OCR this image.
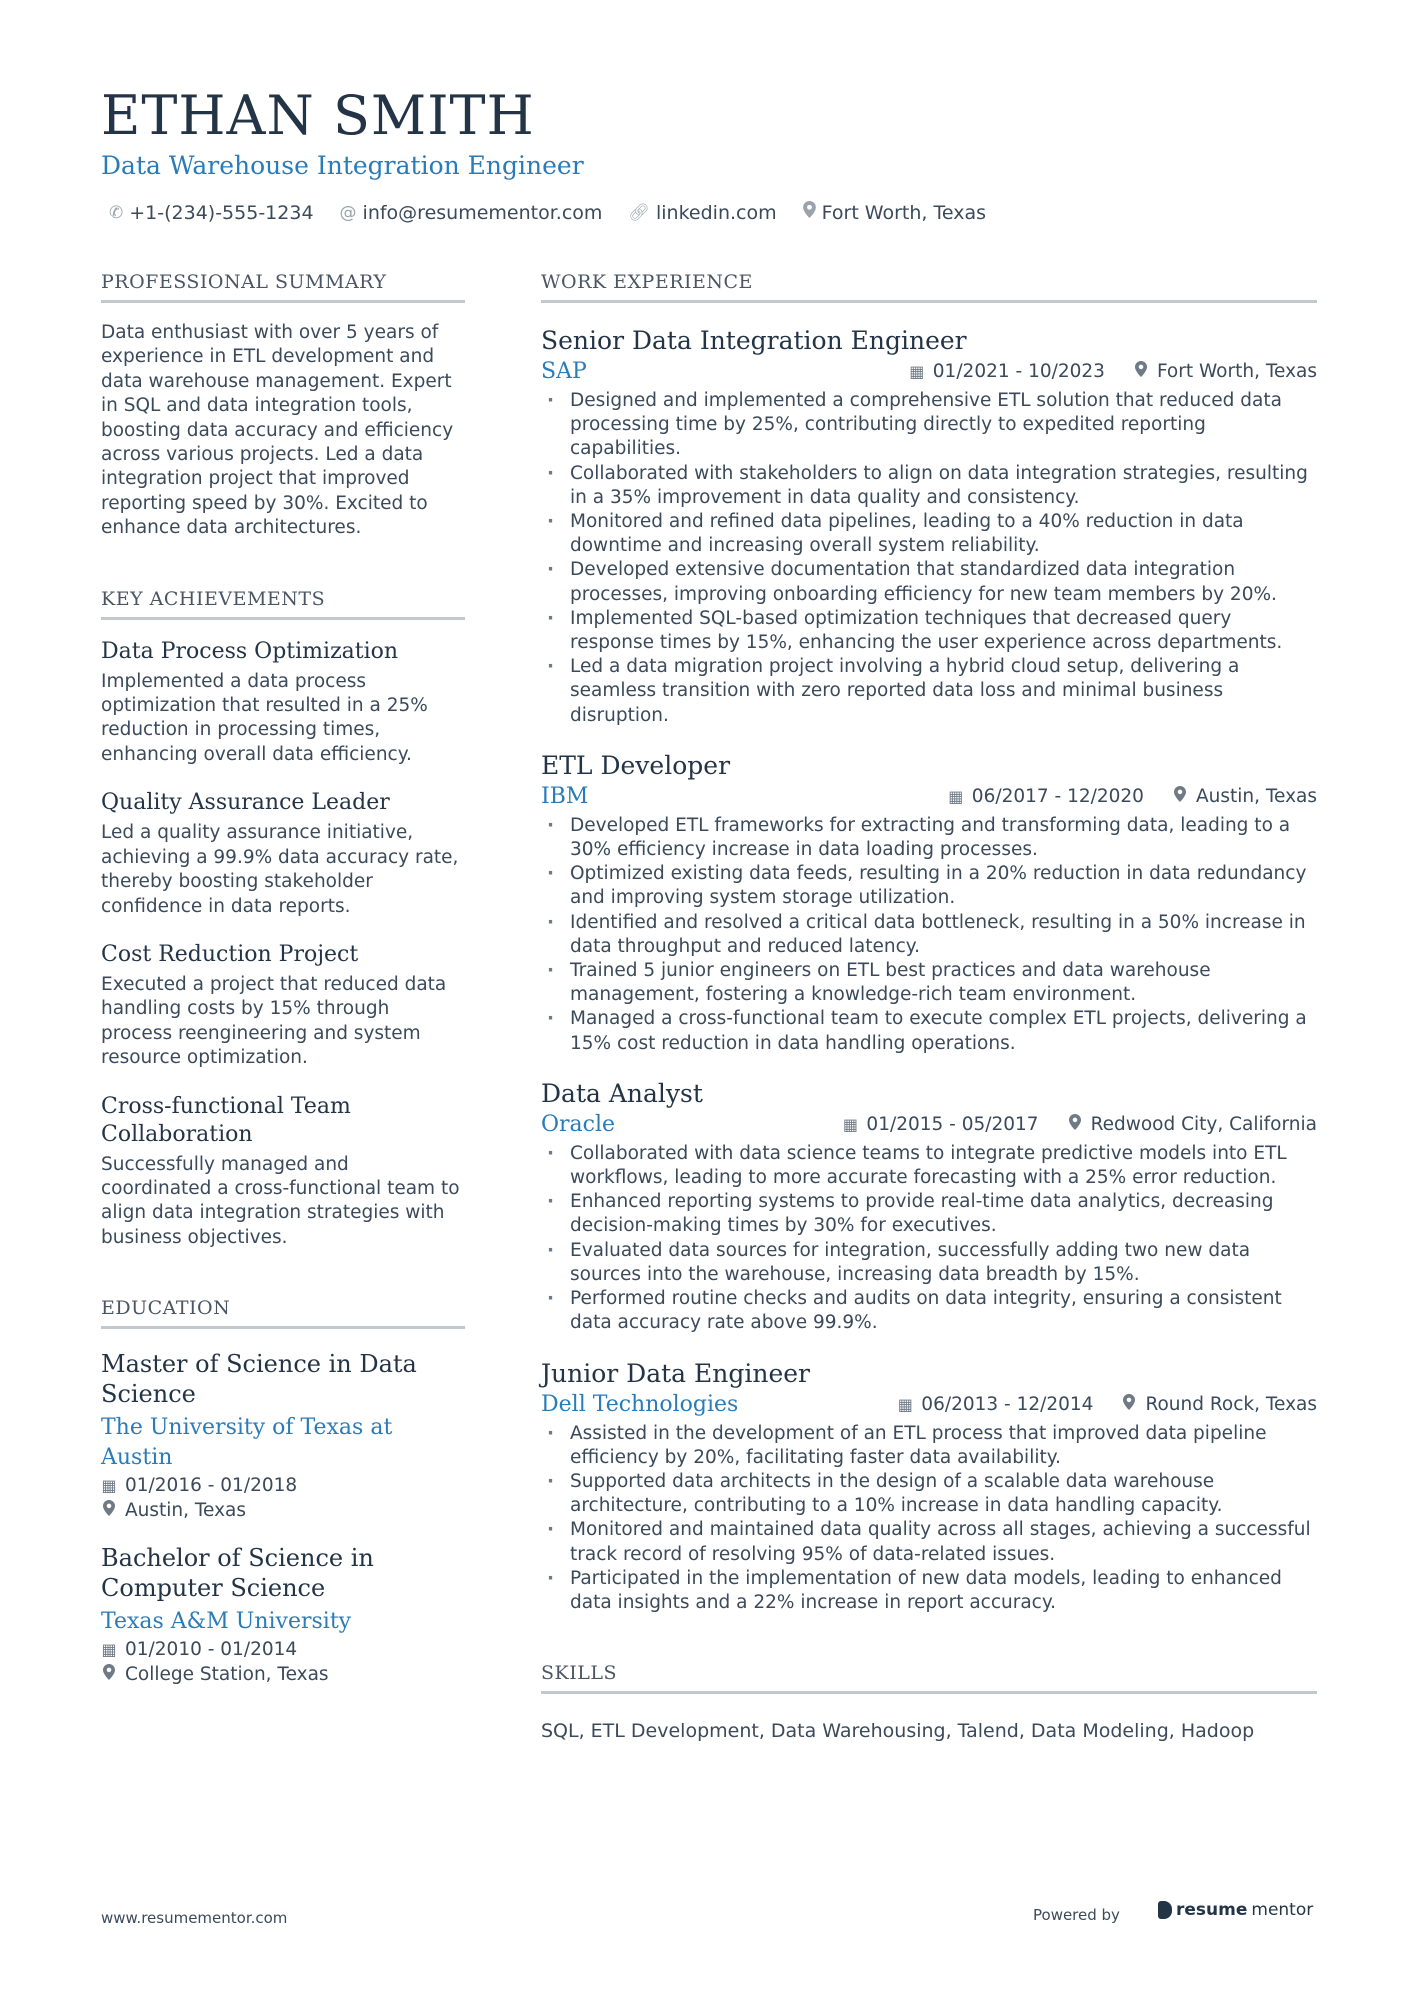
ETHAN SMITH
Data Warehouse Integration Engineer
✆ +1-(234)-555-1234 @ info@resumementor.com 🔗︎ linkedin.com Fort Worth, Texas
PROFESSIONAL SUMMARY
Data enthusiast with over 5 years of experience in ETL development and data warehouse management. Expert in SQL and data integration tools, boosting data accuracy and efficiency across various projects. Led a data integration project that improved reporting speed by 30%. Excited to enhance data architectures.
KEY ACHIEVEMENTS
Data Process Optimization
Implemented a data process optimization that resulted in a 25% reduction in processing times, enhancing overall data efficiency.
Quality Assurance Leader
Led a quality assurance initiative, achieving a 99.9% data accuracy rate, thereby boosting stakeholder confidence in data reports.
Cost Reduction Project
Executed a project that reduced data handling costs by 15% through process reengineering and system resource optimization.
Cross-functional Team Collaboration
Successfully managed and coordinated a cross-functional team to align data integration strategies with business objectives.
EDUCATION
Master of Science in Data Science
The University of Texas at Austin
▦ 01/2016 - 01/2018
Austin, Texas
Bachelor of Science in Computer Science
Texas A&M University
▦ 01/2010 - 01/2014
College Station, Texas
WORK EXPERIENCE
Senior Data Integration Engineer
SAP	▦ 01/2021 - 10/2023	Fort Worth, Texas
· Designed and implemented a comprehensive ETL solution that reduced data processing time by 25%, contributing directly to expedited reporting capabilities.
· Collaborated with stakeholders to align on data integration strategies, resulting in a 35% improvement in data quality and consistency.
· Monitored and refined data pipelines, leading to a 40% reduction in data downtime and increasing overall system reliability.
· Developed extensive documentation that standardized data integration processes, improving onboarding efficiency for new team members by 20%.
· Implemented SQL-based optimization techniques that decreased query response times by 15%, enhancing the user experience across departments.
· Led a data migration project involving a hybrid cloud setup, delivering a seamless transition with zero reported data loss and minimal business disruption.
ETL Developer
IBM	▦ 06/2017 - 12/2020	Austin, Texas
· Developed ETL frameworks for extracting and transforming data, leading to a 30% efficiency increase in data loading processes.
· Optimized existing data feeds, resulting in a 20% reduction in data redundancy and improving system storage utilization.
· Identified and resolved a critical data bottleneck, resulting in a 50% increase in data throughput and reduced latency.
· Trained 5 junior engineers on ETL best practices and data warehouse management, fostering a knowledge-rich team environment.
· Managed a cross-functional team to execute complex ETL projects, delivering a 15% cost reduction in data handling operations.
Data Analyst
Oracle	▦ 01/2015 - 05/2017	Redwood City, California
· Collaborated with data science teams to integrate predictive models into ETL workflows, leading to more accurate forecasting with a 25% error reduction.
· Enhanced reporting systems to provide real-time data analytics, decreasing decision-making times by 30% for executives.
· Evaluated data sources for integration, successfully adding two new data sources into the warehouse, increasing data breadth by 15%.
· Performed routine checks and audits on data integrity, ensuring a consistent data accuracy rate above 99.9%.
Junior Data Engineer
Dell Technologies	▦ 06/2013 - 12/2014	Round Rock, Texas
· Assisted in the development of an ETL process that improved data pipeline efficiency by 20%, facilitating faster data availability.
· Supported data architects in the design of a scalable data warehouse architecture, contributing to a 10% increase in data handling capacity.
· Monitored and maintained data quality across all stages, achieving a successful track record of resolving 95% of data-related issues.
· Participated in the implementation of new data models, leading to enhanced data insights and a 22% increase in report accuracy.
SKILLS
SQL, ETL Development, Data Warehousing, Talend, Data Modeling, Hadoop
www.resumementor.com	Powered by	resume mentor
